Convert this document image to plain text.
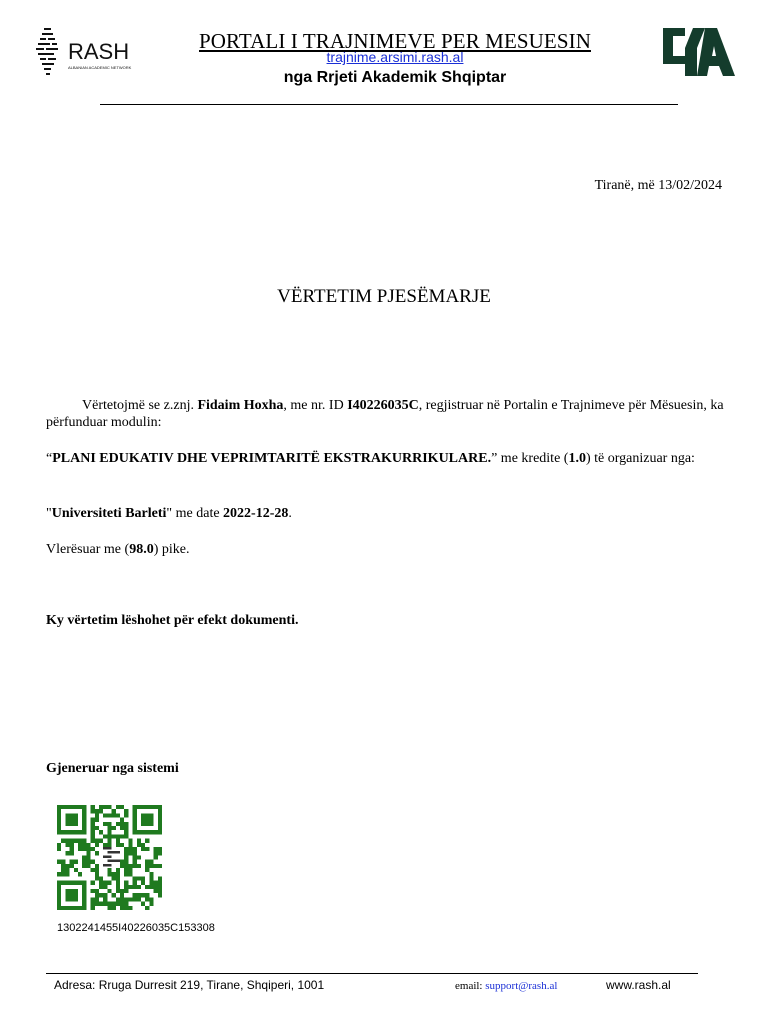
RASH
ALBANIAN ACADEMIC NETWORK
PORTALI I TRAJNIMEVE PER MESUESIN
trajnime.arsimi.rash.al
nga Rrjeti Akademik Shqiptar
Tiranë, më 13/02/2024
VËRTETIM PJESËMARJE
Vërtetojmë se z.znj. Fidaim Hoxha, me nr. ID I40226035C, regjistruar në Portalin e Trajnimeve për Mësuesin, ka përfunduar modulin:
“PLANI EDUKATIV DHE VEPRIMTARITË EKSTRAKURRIKULARE.” me kredite (1.0) të organizuar nga:
"Universiteti Barleti" me date 2022-12-28.
Vlerësuar me (98.0) pike.
Ky vërtetim lëshohet për efekt dokumenti.
Gjeneruar nga sistemi
1302241455I40226035C153308
Adresa: Rruga Durresit 219, Tirane, Shqiperi, 1001	email: support@rash.al	www.rash.al
